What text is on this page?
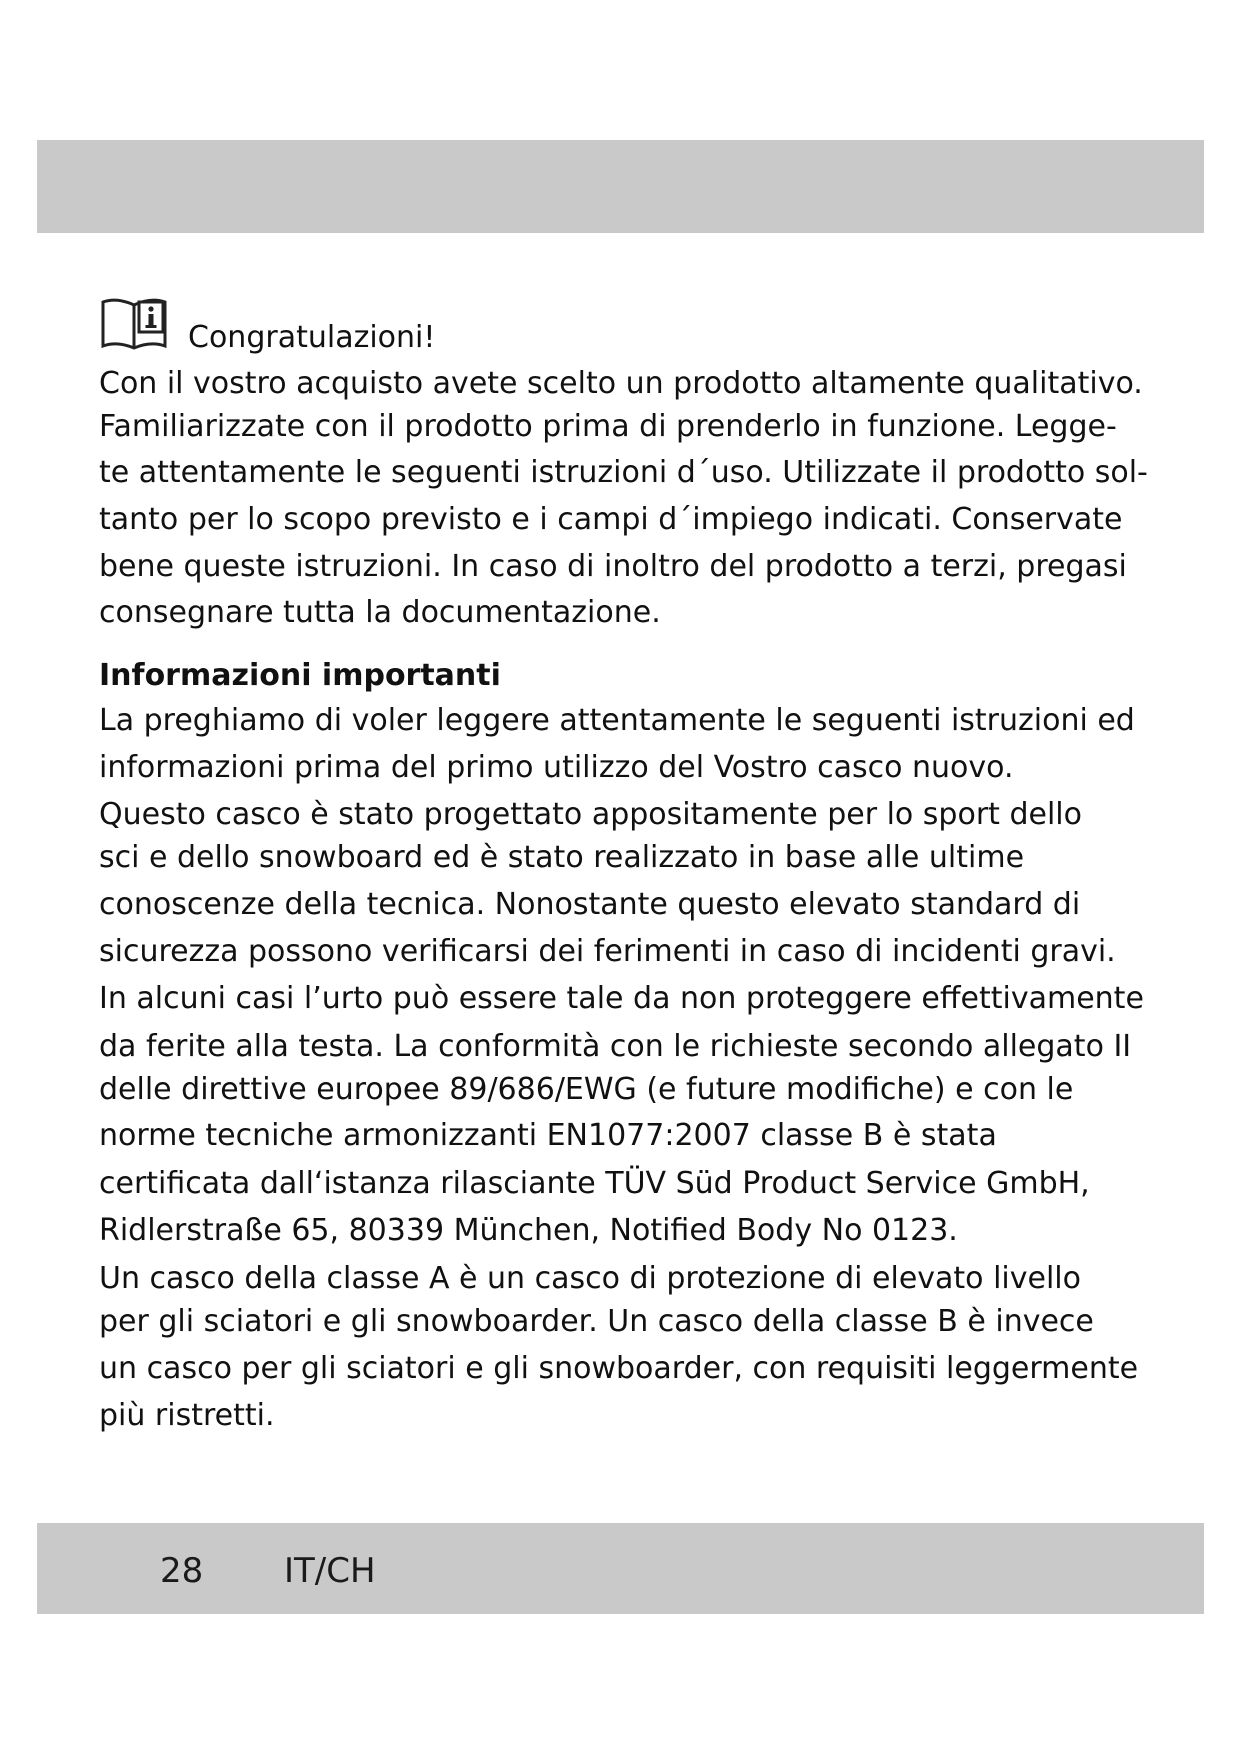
Congratulazioni!
Con il vostro acquisto avete scelto un prodotto altamente qualitativo.
Familiarizzate con il prodotto prima di prenderlo in funzione. Legge-
te attentamente le seguenti istruzioni d´uso. Utilizzate il prodotto sol-
tanto per lo scopo previsto e i campi d´impiego indicati. Conservate
bene queste istruzioni. In caso di inoltro del prodotto a terzi, pregasi
consegnare tutta la documentazione.
Informazioni importanti
La preghiamo di voler leggere attentamente le seguenti istruzioni ed
informazioni prima del primo utilizzo del Vostro casco nuovo.
Questo casco è stato progettato appositamente per lo sport dello
sci e dello snowboard ed è stato realizzato in base alle ultime
conoscenze della tecnica. Nonostante questo elevato standard di
sicurezza possono verificarsi dei ferimenti in caso di incidenti gravi.
In alcuni casi l’urto può essere tale da non proteggere effettivamente
da ferite alla testa. La conformità con le richieste secondo allegato II
delle direttive europee 89/686/EWG (e future modifiche) e con le
norme tecniche armonizzanti EN1077:2007 classe B è stata
certificata dall‘istanza rilasciante TÜV Süd Product Service GmbH,
Ridlerstraße 65, 80339 München, Notified Body No 0123.
Un casco della classe A è un casco di protezione di elevato livello
per gli sciatori e gli snowboarder. Un casco della classe B è invece
un casco per gli sciatori e gli snowboarder, con requisiti leggermente
più ristretti.
28 IT/CH
